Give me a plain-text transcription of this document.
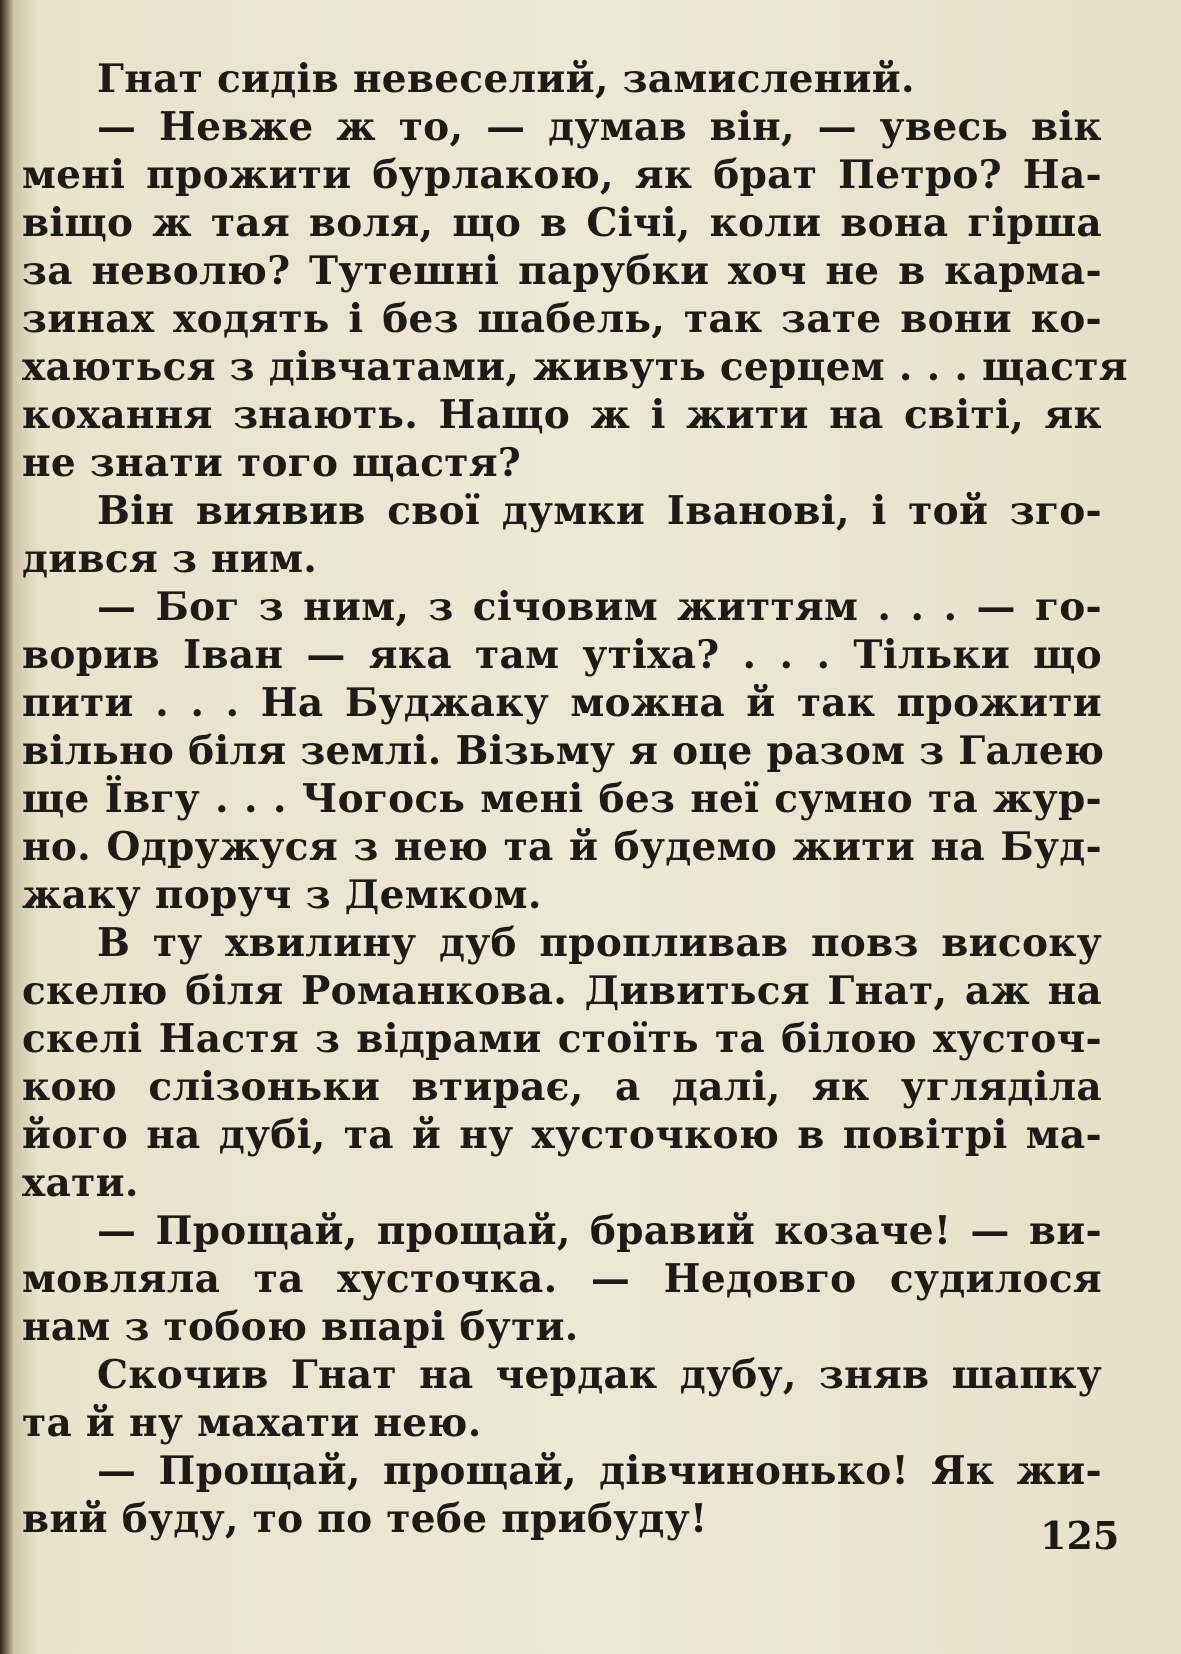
Гнат сидів невеселий, замислений.
— Невже ж то, — думав він, — увесь вік
мені прожити бурлакою, як брат Петро? На-
віщо ж тая воля, що в Січі, коли вона гірша
за неволю? Тутешні парубки хоч не в карма-
зинах ходять і без шабель, так зате вони ко-
хаються з дівчатами, живуть серцем . . . щастя
кохання знають. Нащо ж і жити на світі, як
не знати того щастя?
Він виявив свої думки Іванові, і той зго-
дився з ним.
— Бог з ним, з січовим життям . . . — го-
ворив Іван — яка там утіха? . . . Тільки що
пити . . . На Буджаку можна й так прожити
вільно біля землі. Візьму я оце разом з Галею
ще Ївгу . . . Чогось мені без неї сумно та жур-
но. Одружуся з нею та й будемо жити на Буд-
жаку поруч з Демком.
В ту хвилину дуб пропливав повз високу
скелю біля Романкова. Дивиться Гнат, аж на
скелі Настя з відрами стоїть та білою хусточ-
кою слізоньки втирає, а далі, як угляділа
його на дубі, та й ну хусточкою в повітрі ма-
хати.
— Прощай, прощай, бравий козаче! — ви-
мовляла та хусточка. — Недовго судилося
нам з тобою впарі бути.
Скочив Гнат на чердак дубу, зняв шапку
та й ну махати нею.
— Прощай, прощай, дівчинонько! Як жи-
вий буду, то по тебе прибуду!	125
